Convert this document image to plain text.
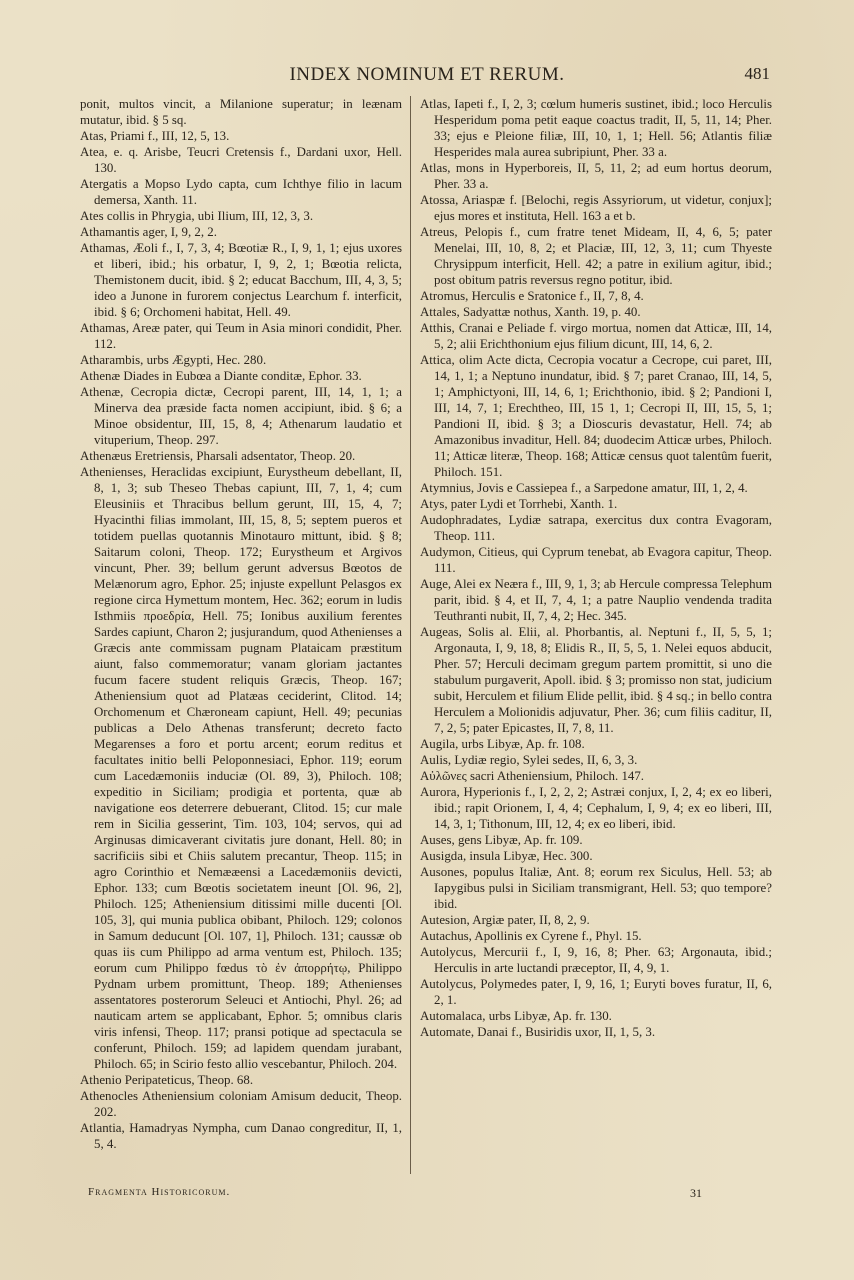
INDEX NOMINUM ET RERUM.	481

ponit, multos vincit, a Milanione superatur; in leænam mutatur, ibid. § 5 sq.

Atas, Priami f., III, 12, 5, 13.

Atea, e. q. Arisbe, Teucri Cretensis f., Dardani uxor, Hell. 130.

Atergatis a Mopso Lydo capta, cum Ichthye filio in lacum demersa, Xanth. 11.

Ates collis in Phrygia, ubi Ilium, III, 12, 3, 3.

Athamantis ager, I, 9, 2, 2.

Athamas, Æoli f., I, 7, 3, 4; Bœotiæ R., I, 9, 1, 1; ejus uxores et liberi, ibid.; his orbatur, I, 9, 2, 1; Bœotia relicta, Themistonem ducit, ibid. § 2; educat Bacchum, III, 4, 3, 5; ideo a Junone in furorem conjectus Learchum f. interficit, ibid. § 6; Orchomeni habitat, Hell. 49.

Athamas, Areæ pater, qui Teum in Asia minori condidit, Pher. 112.

Atharambis, urbs Ægypti, Hec. 280.

Athenæ Diades in Eubœa a Diante conditæ, Ephor. 33.

Athenæ, Cecropia dictæ, Cecropi parent, III, 14, 1, 1; a Minerva dea præside facta nomen accipiunt, ibid. § 6; a Minoe obsidentur, III, 15, 8, 4; Athenarum laudatio et vituperium, Theop. 297.

Athenæus Eretriensis, Pharsali adsentator, Theop. 20.

Athenienses, Heraclidas excipiunt, Eurystheum debellant, II, 8, 1, 3; sub Theseo Thebas capiunt, III, 7, 1, 4; cum Eleusiniis et Thracibus bellum gerunt, III, 15, 4, 7; Hyacinthi filias immolant, III, 15, 8, 5; septem pueros et totidem puellas quotannis Minotauro mittunt, ibid. § 8; Saitarum coloni, Theop. 172; Eurystheum et Argivos vincunt, Pher. 39; bellum gerunt adversus Bœotos de Melænorum agro, Ephor. 25; injuste expellunt Pelasgos ex regione circa Hymettum montem, Hec. 362; eorum in ludis Isthmiis προεδρία, Hell. 75; Ionibus auxilium ferentes Sardes capiunt, Charon 2; jusjurandum, quod Athenienses a Græcis ante commissam pugnam Plataicam præstitum aiunt, falso commemoratur; vanam gloriam jactantes fucum facere student reliquis Græcis, Theop. 167; Atheniensium quot ad Platæas ceciderint, Clitod. 14; Orchomenum et Chæroneam capiunt, Hell. 49; pecunias publicas a Delo Athenas transferunt; decreto facto Megarenses a foro et portu arcent; eorum reditus et facultates initio belli Peloponnesiaci, Ephor. 119; eorum cum Lacedæmoniis induciæ (Ol. 89, 3), Philoch. 108; expeditio in Siciliam; prodigia et portenta, quæ ab navigatione eos deterrere debuerant, Clitod. 15; cur male rem in Sicilia gesserint, Tim. 103, 104; servos, qui ad Arginusas dimicaverant civitatis jure donant, Hell. 80; in sacrificiis sibi et Chiis salutem precantur, Theop. 115; in agro Corinthio et Nemææensi a Lacedæmoniis devicti, Ephor. 133; cum Bœotis societatem ineunt [Ol. 96, 2], Philoch. 125; Atheniensium ditissimi mille ducenti [Ol. 105, 3], qui munia publica obibant, Philoch. 129; colonos in Samum deducunt [Ol. 107, 1], Philoch. 131; caussæ ob quas iis cum Philippo ad arma ventum est, Philoch. 135; eorum cum Philippo fœdus τὸ ἐν ἀπορρήτῳ, Philippo Pydnam urbem promittunt, Theop. 189; Athenienses assentatores posterorum Seleuci et Antiochi, Phyl. 26; ad nauticam artem se applicabant, Ephor. 5; omnibus claris viris infensi, Theop. 117; pransi potique ad spectacula se conferunt, Philoch. 159; ad lapidem quendam jurabant, Philoch. 65; in Scirio festo allio vescebantur, Philoch. 204.

Athenio Peripateticus, Theop. 68.

Athenocles Atheniensium coloniam Amisum deducit, Theop. 202.

Atlantia, Hamadryas Nympha, cum Danao congreditur, II, 1, 5, 4.

Atlas, Iapeti f., I, 2, 3; cœlum humeris sustinet, ibid.; loco Herculis Hesperidum poma petit eaque coactus tradit, II, 5, 11, 14; Pher. 33; ejus e Pleione filiæ, III, 10, 1, 1; Hell. 56; Atlantis filiæ Hesperides mala aurea subripiunt, Pher. 33 a.

Atlas, mons in Hyperboreis, II, 5, 11, 2; ad eum hortus deorum, Pher. 33 a.

Atossa, Ariaspæ f. [Belochi, regis Assyriorum, ut videtur, conjux]; ejus mores et instituta, Hell. 163 a et b.

Atreus, Pelopis f., cum fratre tenet Mideam, II, 4, 6, 5; pater Menelai, III, 10, 8, 2; et Placiæ, III, 12, 3, 11; cum Thyeste Chrysippum interficit, Hell. 42; a patre in exilium agitur, ibid.; post obitum patris reversus regno potitur, ibid.

Atromus, Herculis e Sratonice f., II, 7, 8, 4.

Attales, Sadyattæ nothus, Xanth. 19, p. 40.

Atthis, Cranai e Peliade f. virgo mortua, nomen dat Atticæ, III, 14, 5, 2; alii Erichthonium ejus filium dicunt, III, 14, 6, 2.

Attica, olim Acte dicta, Cecropia vocatur a Cecrope, cui paret, III, 14, 1, 1; a Neptuno inundatur, ibid. § 7; paret Cranao, III, 14, 5, 1; Amphictyoni, III, 14, 6, 1; Erichthonio, ibid. § 2; Pandioni I, III, 14, 7, 1; Erechtheo, III, 15 1, 1; Cecropi II, III, 15, 5, 1; Pandioni II, ibid. § 3; a Dioscuris devastatur, Hell. 74; ab Amazonibus invaditur, Hell. 84; duodecim Atticæ urbes, Philoch. 11; Atticæ literæ, Theop. 168; Atticæ census quot talentûm fuerit, Philoch. 151.

Atymnius, Jovis e Cassiepea f., a Sarpedone amatur, III, 1, 2, 4.

Atys, pater Lydi et Torrhebi, Xanth. 1.

Audophradates, Lydiæ satrapa, exercitus dux contra Evagoram, Theop. 111.

Audymon, Citieus, qui Cyprum tenebat, ab Evagora capitur, Theop. 111.

Auge, Alei ex Neæra f., III, 9, 1, 3; ab Hercule compressa Telephum parit, ibid. § 4, et II, 7, 4, 1; a patre Nauplio vendenda tradita Teuthranti nubit, II, 7, 4, 2; Hec. 345.

Augeas, Solis al. Elii, al. Phorbantis, al. Neptuni f., II, 5, 5, 1; Argonauta, I, 9, 18, 8; Elidis R., II, 5, 5, 1. Nelei equos abducit, Pher. 57; Herculi decimam gregum partem promittit, si uno die stabulum purgaverit, Apoll. ibid. § 3; promisso non stat, judicium subit, Herculem et filium Elide pellit, ibid. § 4 sq.; in bello contra Herculem a Molionidis adjuvatur, Pher. 36; cum filiis caditur, II, 7, 2, 5; pater Epicastes, II, 7, 8, 11.

Augila, urbs Libyæ, Ap. fr. 108.

Aulis, Lydiæ regio, Sylei sedes, II, 6, 3, 3.

Αὐλῶνες sacri Atheniensium, Philoch. 147.

Aurora, Hyperionis f., I, 2, 2, 2; Astræi conjux, I, 2, 4; ex eo liberi, ibid.; rapit Orionem, I, 4, 4; Cephalum, I, 9, 4; ex eo liberi, III, 14, 3, 1; Tithonum, III, 12, 4; ex eo liberi, ibid.

Auses, gens Libyæ, Ap. fr. 109.

Ausigda, insula Libyæ, Hec. 300.

Ausones, populus Italiæ, Ant. 8; eorum rex Siculus, Hell. 53; ab Iapygibus pulsi in Siciliam transmigrant, Hell. 53; quo tempore? ibid.

Autesion, Argiæ pater, II, 8, 2, 9.

Autachus, Apollinis ex Cyrene f., Phyl. 15.

Autolycus, Mercurii f., I, 9, 16, 8; Pher. 63; Argonauta, ibid.; Herculis in arte luctandi præceptor, II, 4, 9, 1.

Autolycus, Polymedes pater, I, 9, 16, 1; Euryti boves furatur, II, 6, 2, 1.

Automalaca, urbs Libyæ, Ap. fr. 130.

Automate, Danai f., Busiridis uxor, II, 1, 5, 3.

Fragmenta Historicorum.	31
